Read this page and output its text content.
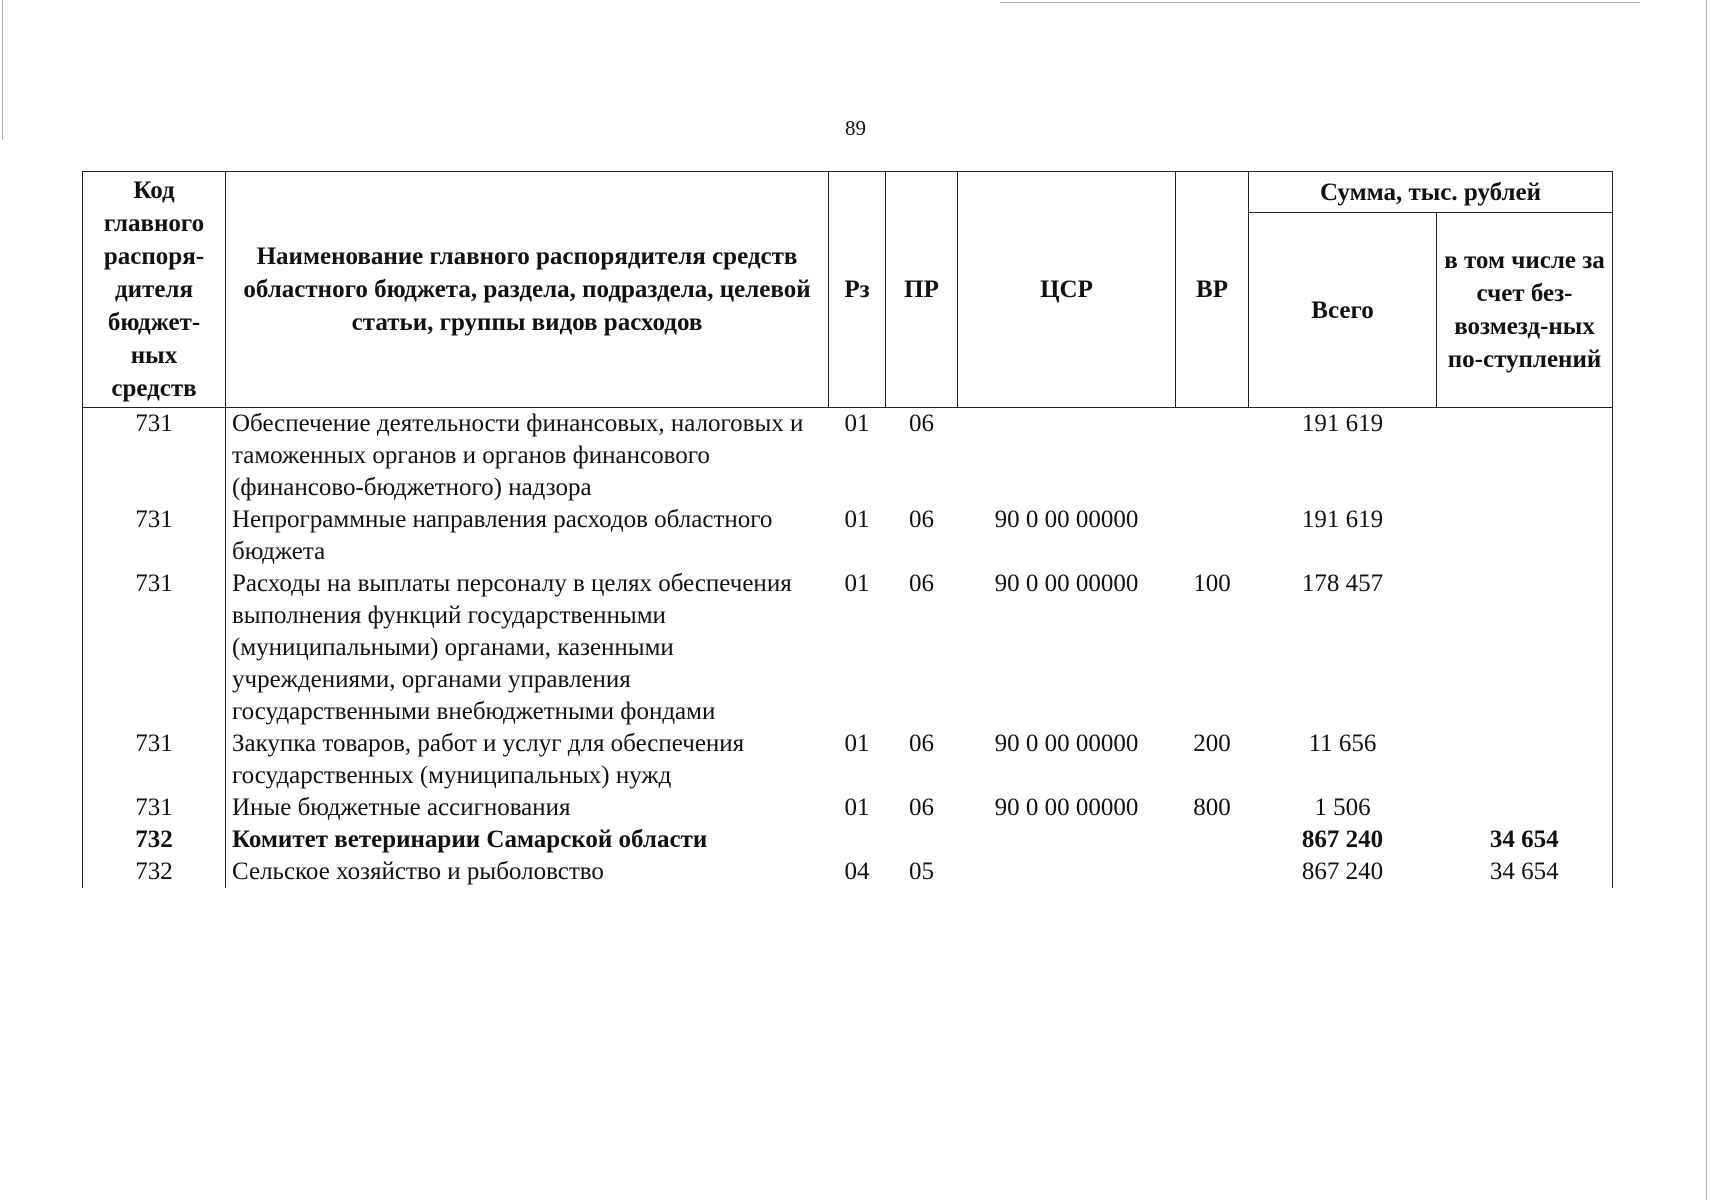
89
Код главного распоря-дителя бюджет-ных средств	Наименование главного распорядителя средств областного бюджета, раздела, подраздела, целевой статьи, группы видов расходов	Рз	ПР	ЦСР	ВР	Сумма, тыс. рублей	
						Всего	в том числе за счет без-возмезд-ных по-ступлений
731	Обеспечение деятельности финансовых, налоговых и таможенных органов и органов финансового (финансово-бюджетного) надзора	01	06			191 619	
731	Непрограммные направления расходов областного бюджета	01	06	90 0 00 00000		191 619	
731	Расходы на выплаты персоналу в целях обеспечения выполнения функций государственными (муниципальными) органами, казенными учреждениями, органами управления государственными внебюджетными фондами	01	06	90 0 00 00000	100	178 457	
731	Закупка товаров, работ и услуг для обеспечения государственных (муниципальных) нужд	01	06	90 0 00 00000	200	11 656	
731	Иные бюджетные ассигнования	01	06	90 0 00 00000	800	1 506	
732	Комитет ветеринарии Самарской области					867 240	34 654
732	Сельское хозяйство и рыболовство	04	05			867 240	34 654
